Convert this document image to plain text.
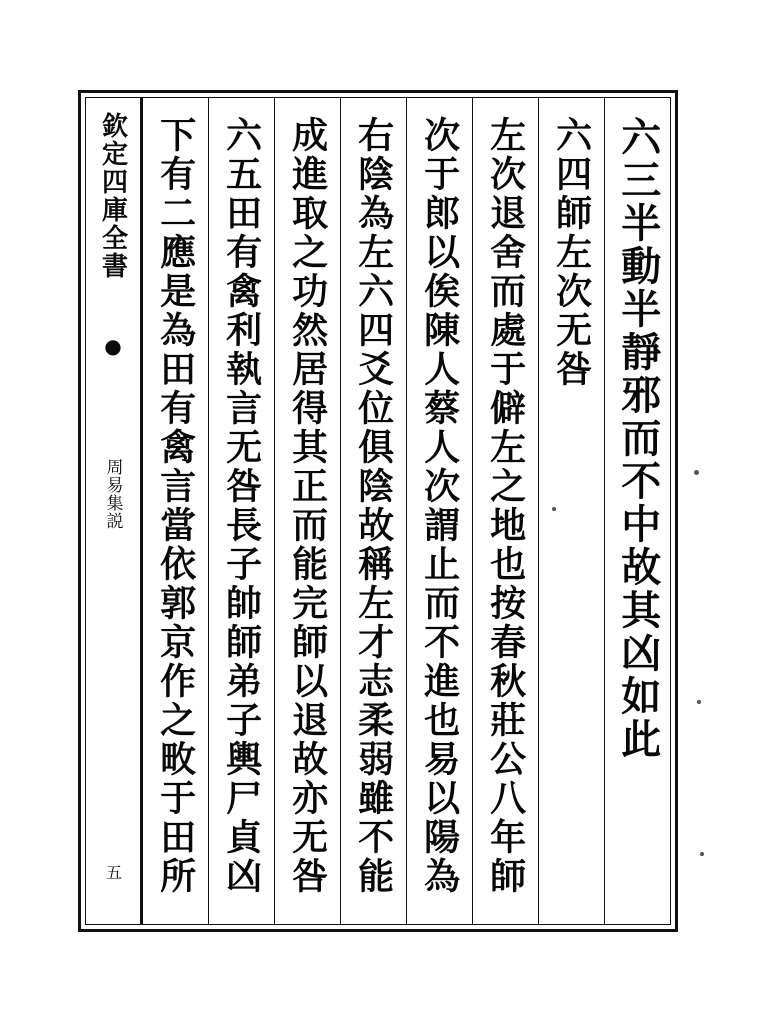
欽定四庫全書
●
周易集説
五
六三半動半靜邪而不中故其凶如此
六四師左次无咎
左次退舍而處于僻左之地也按春秋莊公八年師
次于郎以俟陳人蔡人次謂止而不進也易以陽為
右陰為左六四爻位俱陰故稱左才志柔弱雖不能
成進取之功然居得其正而能完師以退故亦无咎
六五田有禽利執言无咎長子帥師弟子輿尸貞凶
下有二應是為田有禽言當依郭京作之畋于田所
